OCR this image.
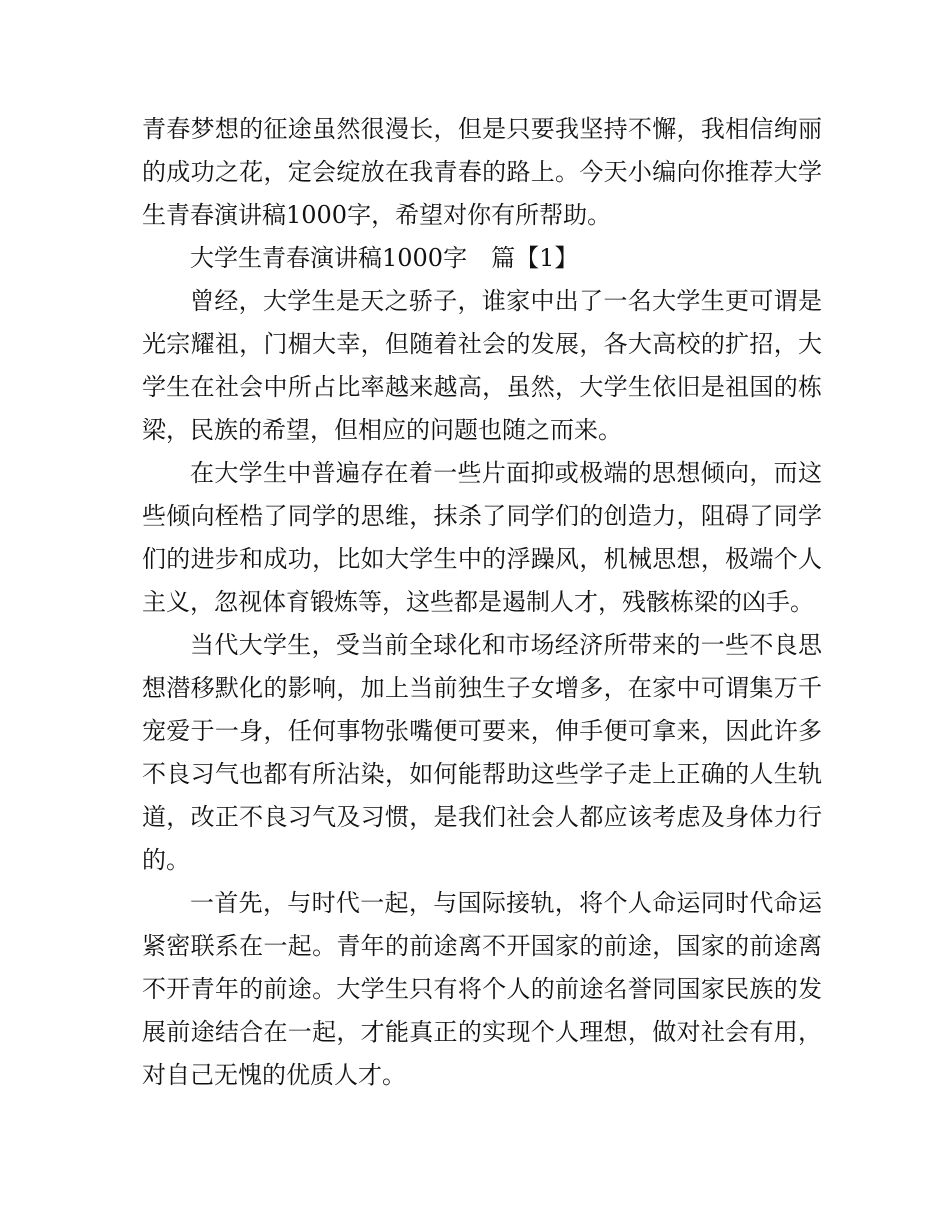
青春梦想的征途虽然很漫长，但是只要我坚持不懈，我相信绚丽的成功之花，定会绽放在我青春的路上。今天小编向你推荐大学生青春演讲稿1000字，希望对你有所帮助。

大学生青春演讲稿1000字　篇【1】

曾经，大学生是天之骄子，谁家中出了一名大学生更可谓是光宗耀祖，门楣大幸，但随着社会的发展，各大高校的扩招，大学生在社会中所占比率越来越高，虽然，大学生依旧是祖国的栋梁，民族的希望，但相应的问题也随之而来。

在大学生中普遍存在着一些片面抑或极端的思想倾向，而这些倾向桎梏了同学的思维，抹杀了同学们的创造力，阻碍了同学们的进步和成功，比如大学生中的浮躁风，机械思想，极端个人主义，忽视体育锻炼等，这些都是遏制人才，残骸栋梁的凶手。

当代大学生，受当前全球化和市场经济所带来的一些不良思想潜移默化的影响，加上当前独生子女增多，在家中可谓集万千宠爱于一身，任何事物张嘴便可要来，伸手便可拿来，因此许多不良习气也都有所沾染，如何能帮助这些学子走上正确的人生轨道，改正不良习气及习惯，是我们社会人都应该考虑及身体力行的。

一首先，与时代一起，与国际接轨，将个人命运同时代命运紧密联系在一起。青年的前途离不开国家的前途，国家的前途离不开青年的前途。大学生只有将个人的前途名誉同国家民族的发展前途结合在一起，才能真正的实现个人理想，做对社会有用，对自己无愧的优质人才。
